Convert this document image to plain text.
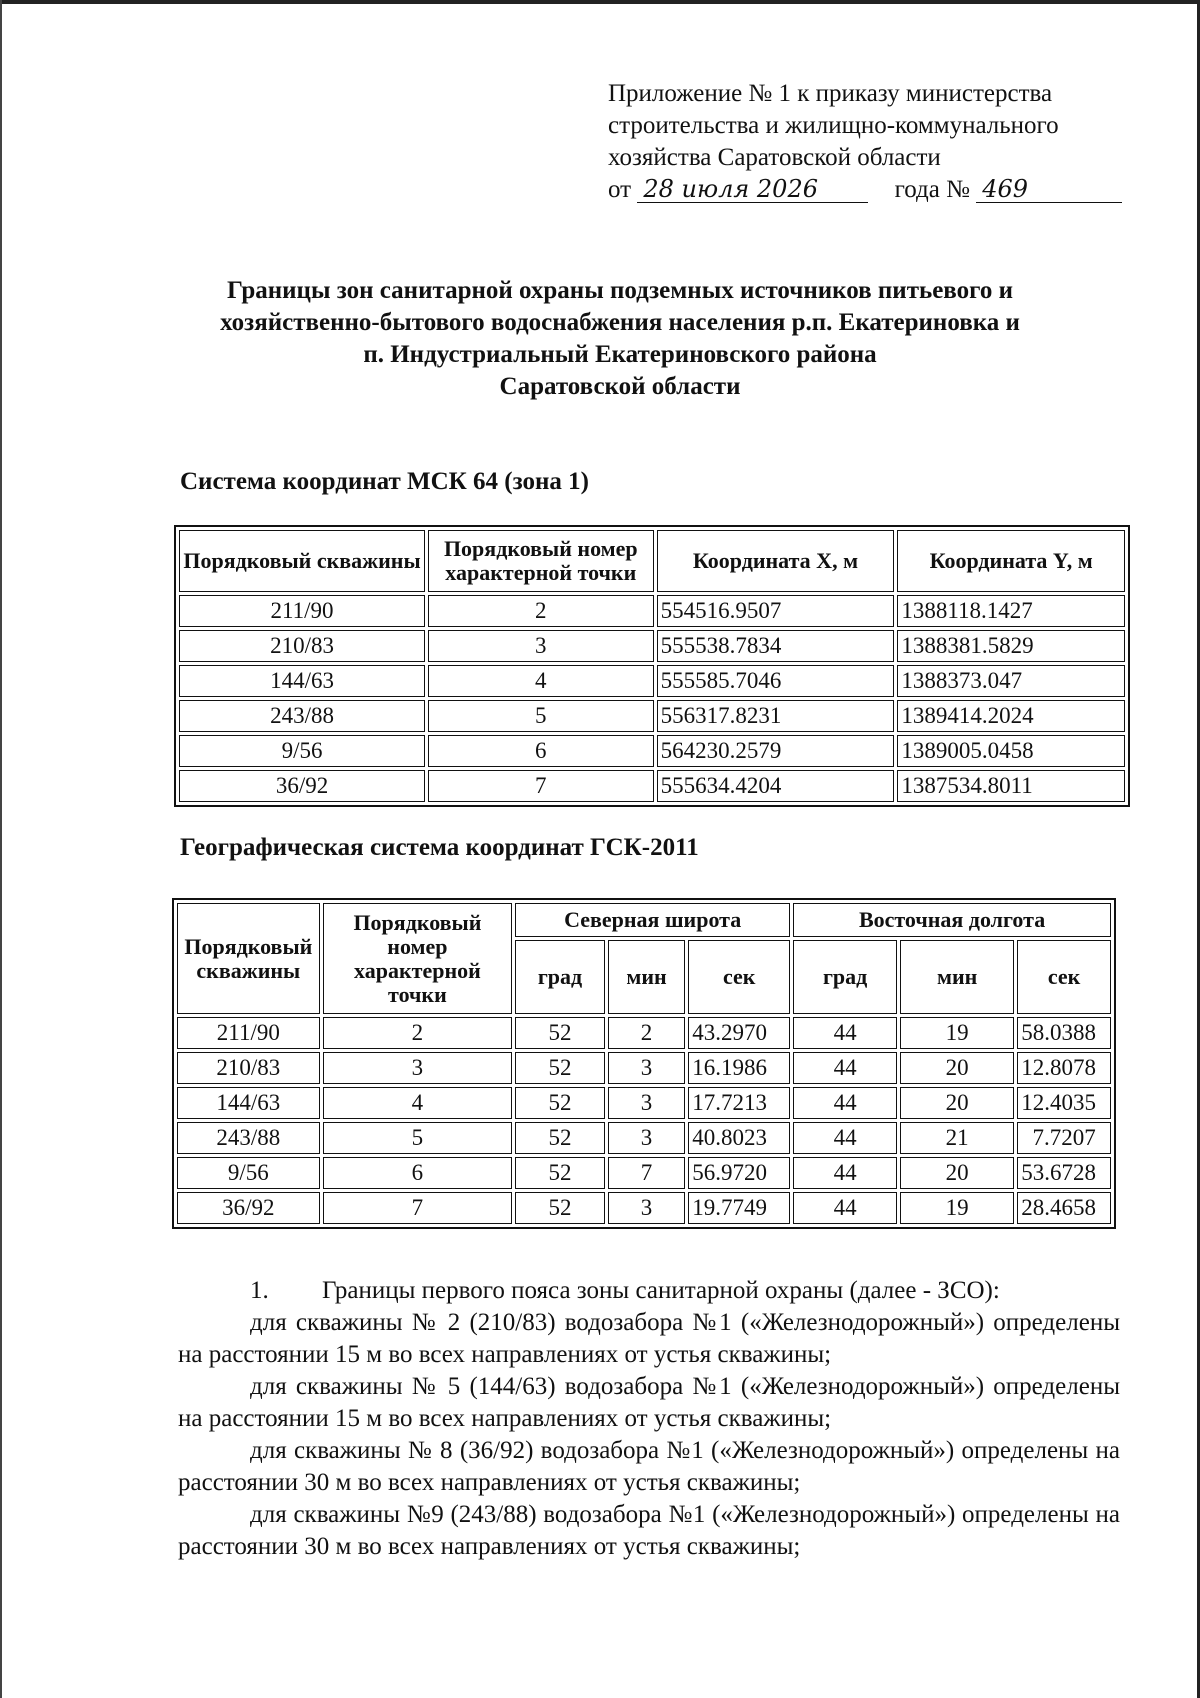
Приложение № 1 к приказу министерства
строительства и жилищно-коммунального
хозяйства Саратовской области
от 28 июля 2026	года № 469
Границы зон санитарной охраны подземных источников питьевого и
хозяйственно-бытового водоснабжения населения р.п. Екатериновка и
п. Индустриальный Екатериновского района
Саратовской области
Система координат МСК 64 (зона 1)
Порядковый скважины	Порядковый номер характерной точки	Координата X, м	Координата Y, м
211/90	2	554516.9507	1388118.1427
210/83	3	555538.7834	1388381.5829
144/63	4	555585.7046	1388373.047
243/88	5	556317.8231	1389414.2024
9/56	6	564230.2579	1389005.0458
36/92	7	555634.4204	1387534.8011
Географическая система координат ГСК-2011
Порядковый скважины	Порядковый номер характерной точки	Северная широта			Восточная долгота		
		град	мин	сек	град	мин	сек
211/90	2	52	2	43.2970	44	19	58.0388
210/83	3	52	3	16.1986	44	20	12.8078
144/63	4	52	3	17.7213	44	20	12.4035
243/88	5	52	3	40.8023	44	21	7.7207
9/56	6	52	7	56.9720	44	20	53.6728
36/92	7	52	3	19.7749	44	19	28.4658

1. Границы первого пояса зоны санитарной охраны (далее - ЗСО):

для скважины № 2 (210/83) водозабора №1 («Железнодорожный») определены на расстоянии 15 м во всех направлениях от устья скважины;

для скважины № 5 (144/63) водозабора №1 («Железнодорожный») определены на расстоянии 15 м во всех направлениях от устья скважины;

для скважины № 8 (36/92) водозабора №1 («Железнодорожный») определены на расстоянии 30 м во всех направлениях от устья скважины;

для скважины №9 (243/88) водозабора №1 («Железнодорожный») определены на расстоянии 30 м во всех направлениях от устья скважины;
